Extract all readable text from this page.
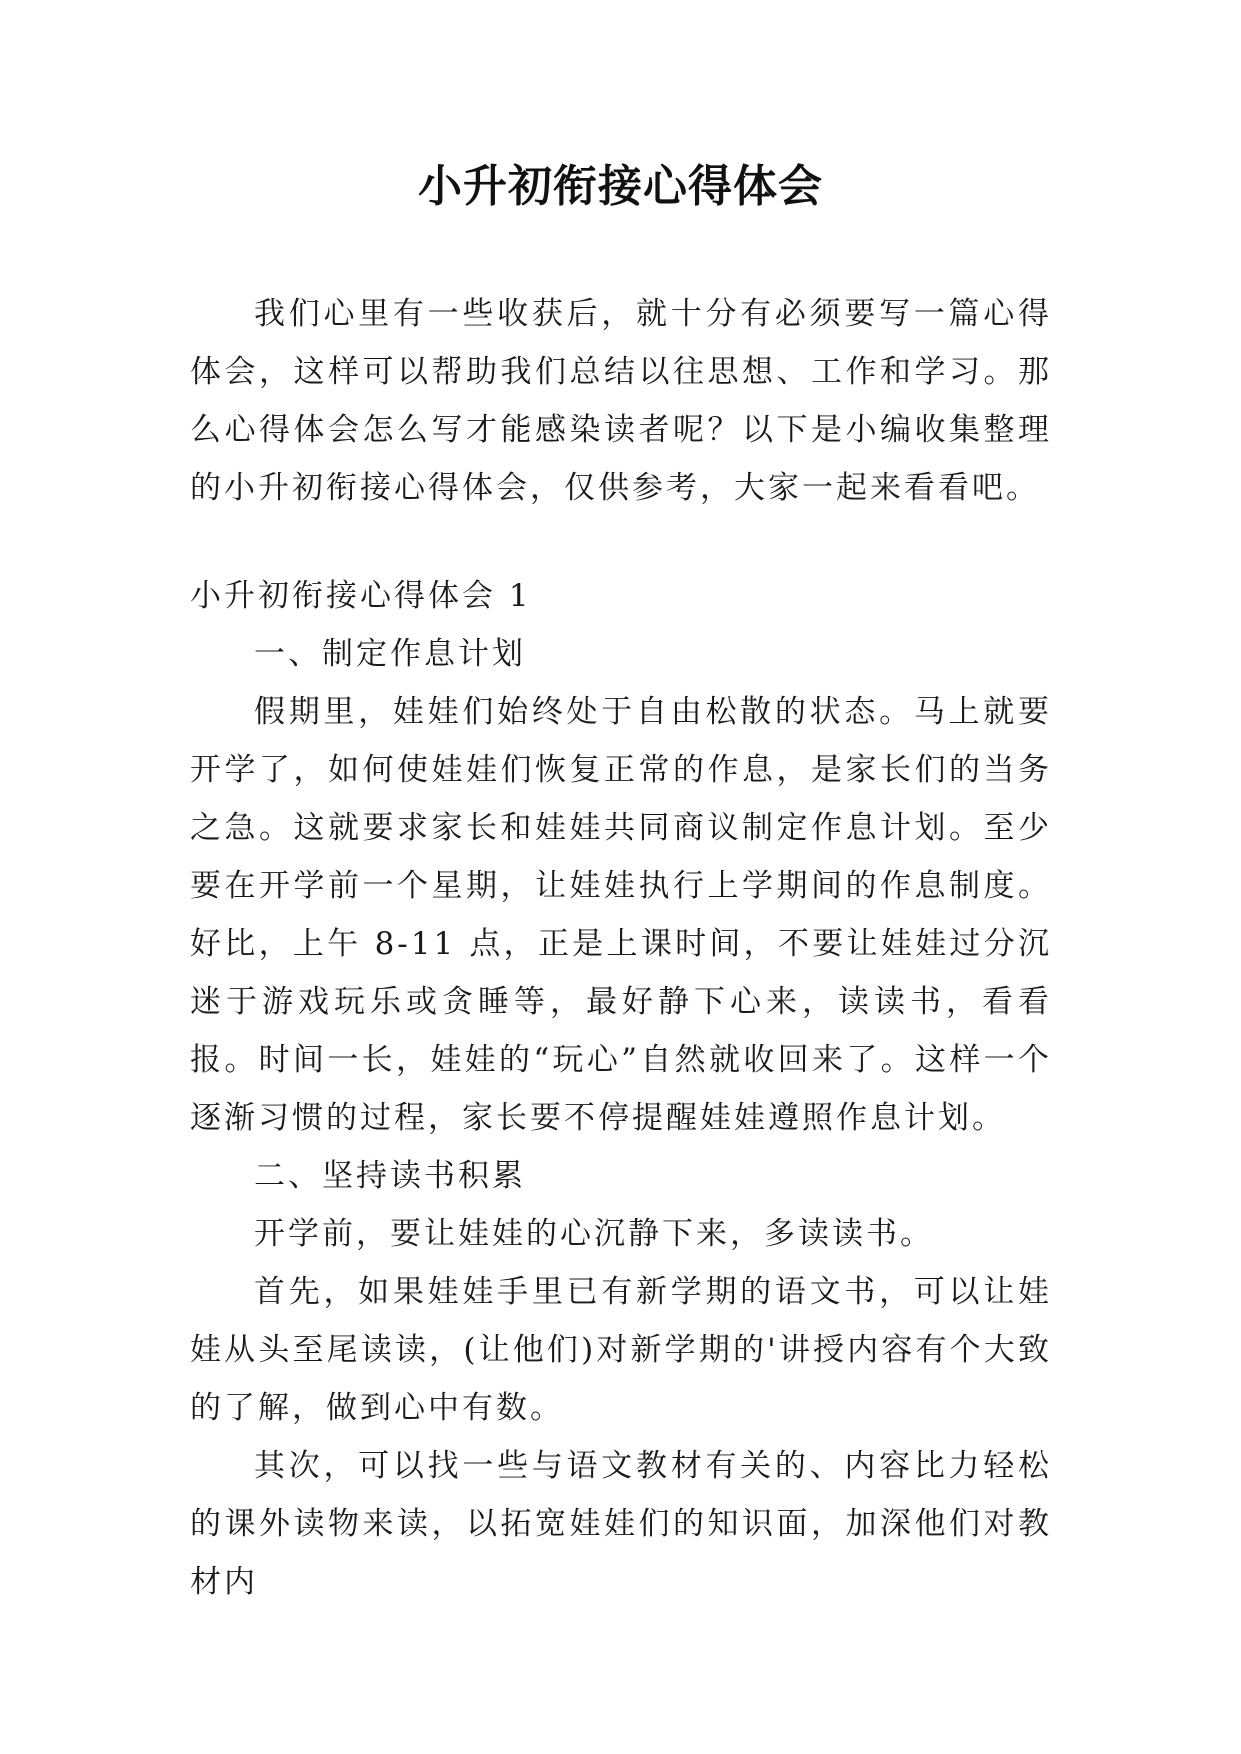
小升初衔接心得体会

我们心里有一些收获后，就十分有必须要写一篇心得体会，这样可以帮助我们总结以往思想、工作和学习。那么心得体会怎么写才能感染读者呢？以下是小编收集整理的小升初衔接心得体会，仅供参考，大家一起来看看吧。

小升初衔接心得体会 1

一、制定作息计划

假期里，娃娃们始终处于自由松散的状态。马上就要开学了，如何使娃娃们恢复正常的作息，是家长们的当务之急。这就要求家长和娃娃共同商议制定作息计划。至少要在开学前一个星期，让娃娃执行上学期间的作息制度。好比，上午 8-11 点，正是上课时间，不要让娃娃过分沉迷于游戏玩乐或贪睡等，最好静下心来，读读书，看看报。时间一长，娃娃的“玩心”自然就收回来了。这样一个逐渐习惯的过程，家长要不停提醒娃娃遵照作息计划。

二、坚持读书积累

开学前，要让娃娃的心沉静下来，多读读书。

首先，如果娃娃手里已有新学期的语文书，可以让娃娃从头至尾读读，(让他们)对新学期的'讲授内容有个大致的了解，做到心中有数。

其次，可以找一些与语文教材有关的、内容比力轻松的课外读物来读，以拓宽娃娃们的知识面，加深他们对教材内
